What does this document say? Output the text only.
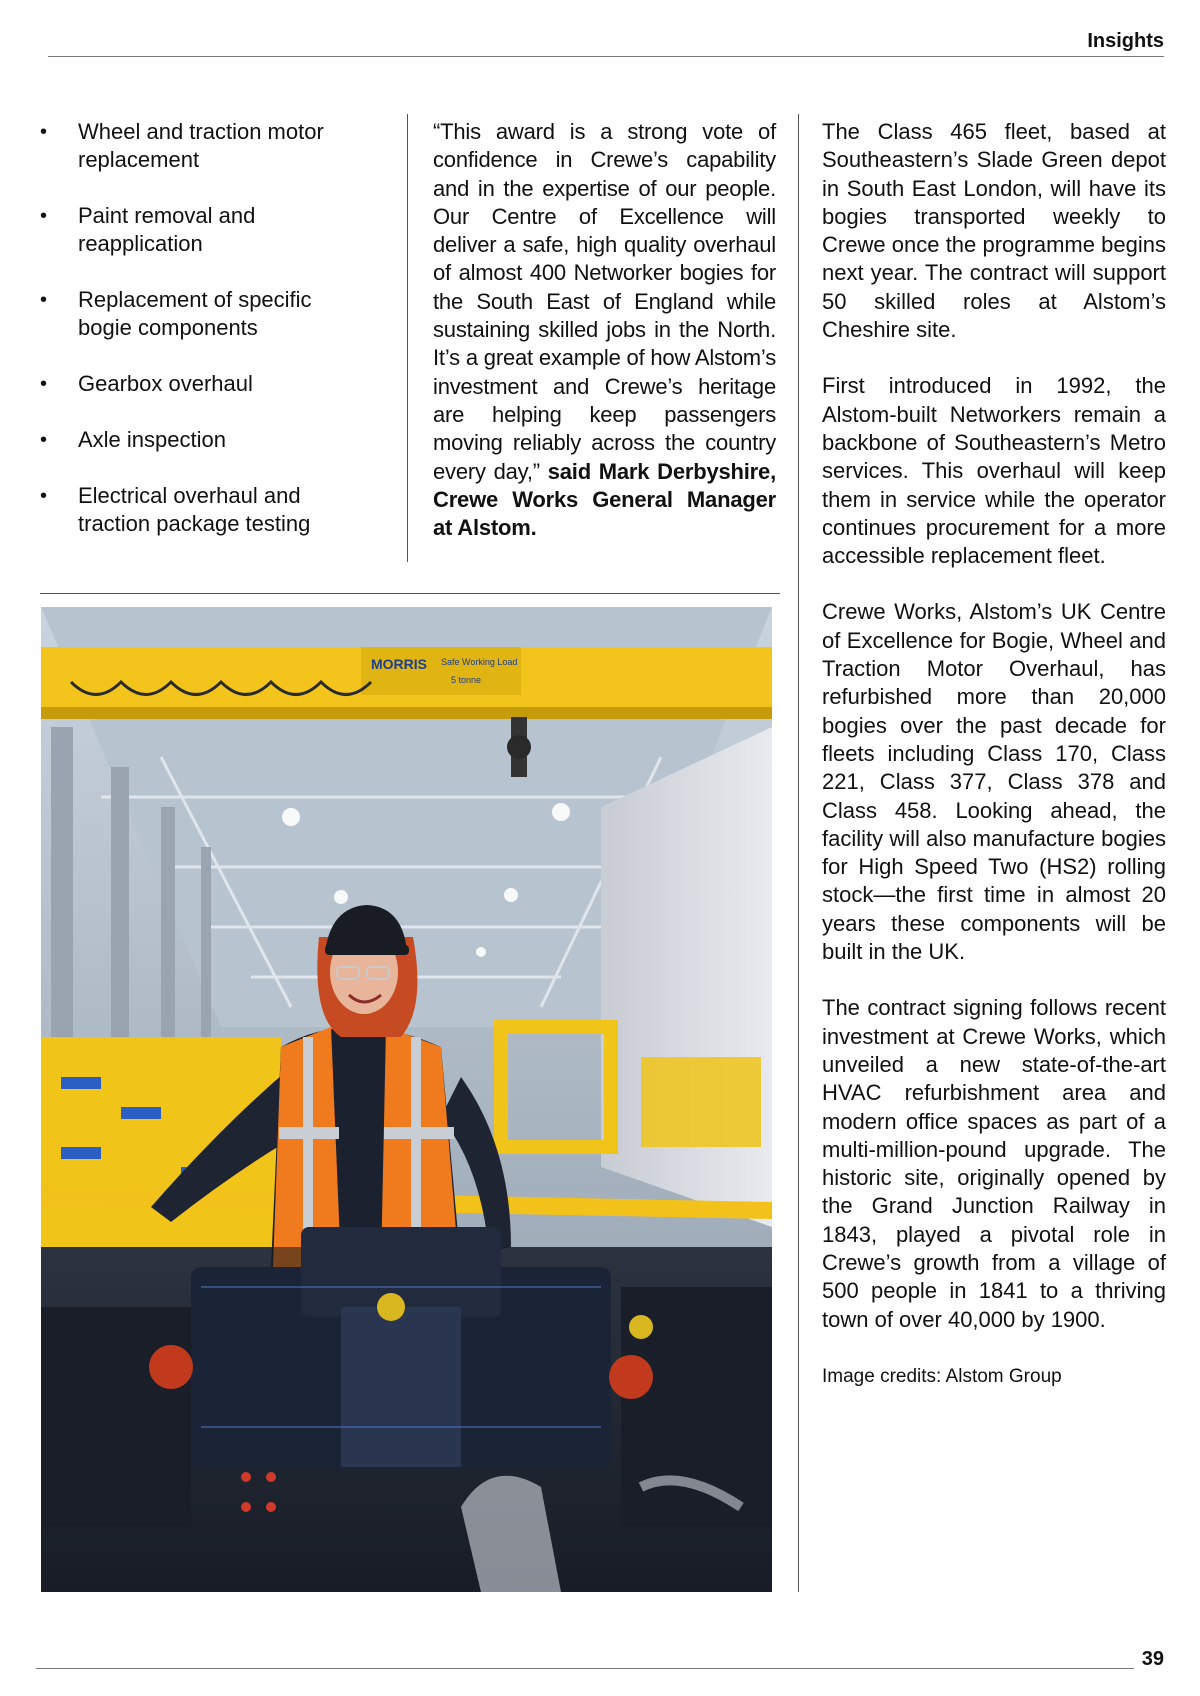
Insights
• Wheel and traction motor replacement
• Paint removal and reapplication
• Replacement of specific bogie components
• Gearbox overhaul
• Axle inspection
• Electrical overhaul and traction package testing
“This award is a strong vote of confidence in Crewe’s capability and in the expertise of our people. Our Centre of Excellence will deliver a safe, high quality overhaul of almost 400 Networker bogies for the South East of England while sustaining skilled jobs in the North. It’s a great example of how Alstom’s investment and Crewe’s heritage are helping keep passengers moving reliably across the country every day,” said Mark Derbyshire, Crewe Works General Manager at Alstom.
MORRIS Safe Working Load
5 tonne

The Class 465 fleet, based at Southeastern’s Slade Green depot in South East London, will have its bogies transported weekly to Crewe once the programme begins next year. The contract will support 50 skilled roles at Alstom’s Cheshire site.

First introduced in 1992, the Alstom-built Networkers remain a backbone of Southeastern’s Metro services. This overhaul will keep them in service while the operator continues procurement for a more accessible replacement fleet.

Crewe Works, Alstom’s UK Centre of Excellence for Bogie, Wheel and Traction Motor Overhaul, has refurbished more than 20,000 bogies over the past decade for fleets including Class 170, Class 221, Class 377, Class 378 and Class 458. Looking ahead, the facility will also manufacture bogies for High Speed Two (HS2) rolling stock—the first time in almost 20 years these components will be built in the UK.

The contract signing follows recent investment at Crewe Works, which unveiled a new state-of-the-art HVAC refurbishment area and modern office spaces as part of a multi-million-pound upgrade. The historic site, originally opened by the Grand Junction Railway in 1843, played a pivotal role in Crewe’s growth from a village of 500 people in 1841 to a thriving town of over 40,000 by 1900.

Image credits: Alstom Group

39
